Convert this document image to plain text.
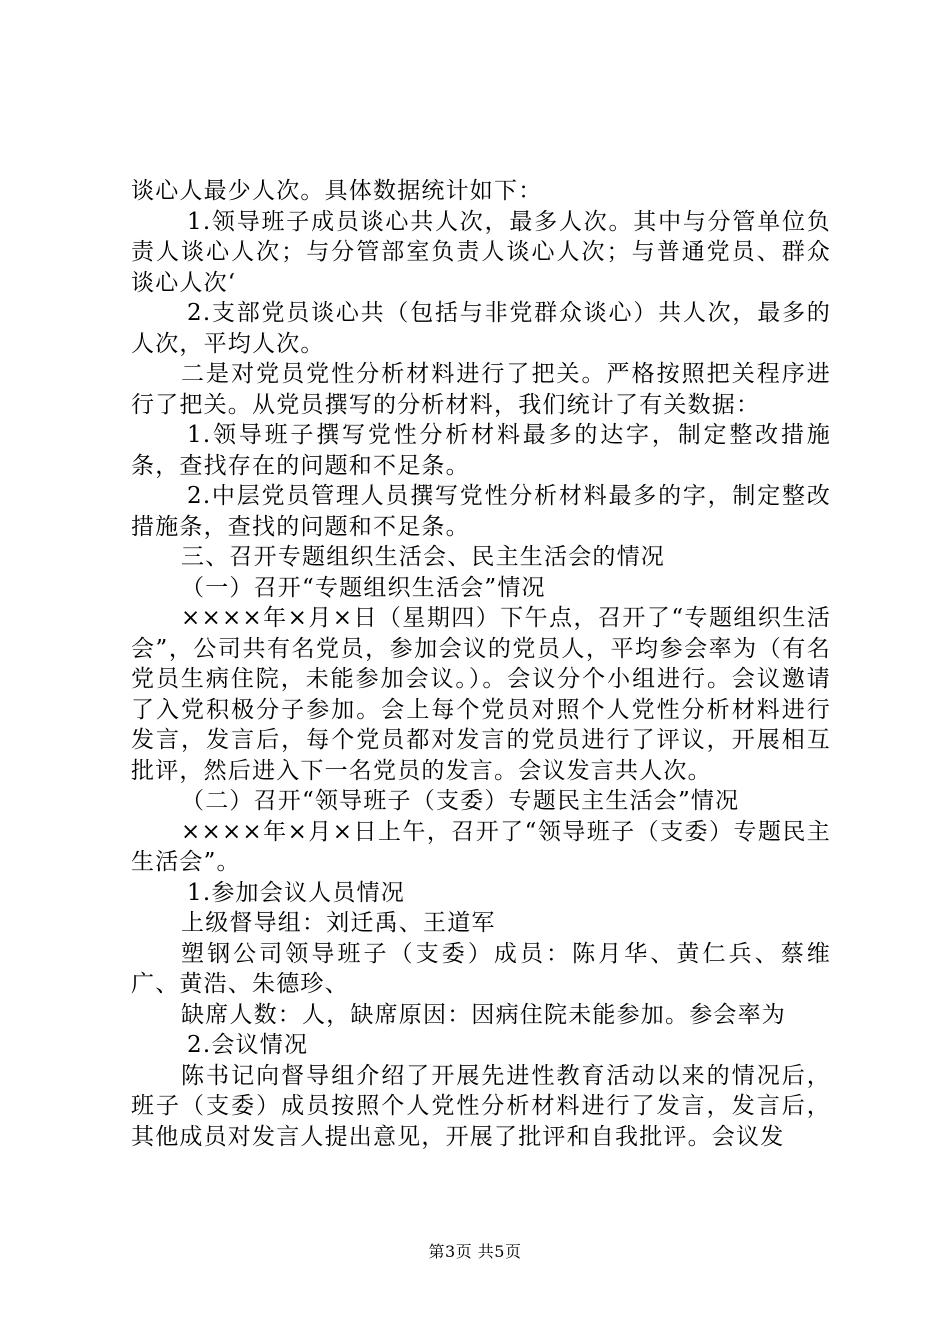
谈心人最少人次。具体数据统计如下：

1.领导班子成员谈心共人次，最多人次。其中与分管单位负责人谈心人次；与分管部室负责人谈心人次；与普通党员、群众谈心人次‘

2.支部党员谈心共（包括与非党群众谈心）共人次，最多的人次，平均人次。

二是对党员党性分析材料进行了把关。严格按照把关程序进行了把关。从党员撰写的分析材料，我们统计了有关数据：

1.领导班子撰写党性分析材料最多的达字，制定整改措施条，查找存在的问题和不足条。

2.中层党员管理人员撰写党性分析材料最多的字，制定整改措施条，查找的问题和不足条。

三、召开专题组织生活会、民主生活会的情况

（一）召开“专题组织生活会”情况

××××年×月×日（星期四）下午点，召开了“专题组织生活会”，公司共有名党员，参加会议的党员人，平均参会率为（有名党员生病住院，未能参加会议。）。会议分个小组进行。会议邀请了入党积极分子参加。会上每个党员对照个人党性分析材料进行发言，发言后，每个党员都对发言的党员进行了评议，开展相互批评，然后进入下一名党员的发言。会议发言共人次。

（二）召开“领导班子（支委）专题民主生活会”情况

××××年×月×日上午，召开了“领导班子（支委）专题民主生活会”。

1.参加会议人员情况

上级督导组：刘迁禹、王道军

塑钢公司领导班子（支委）成员：陈月华、黄仁兵、蔡维广、黄浩、朱德珍、

缺席人数：人，缺席原因：因病住院未能参加。参会率为

2.会议情况

陈书记向督导组介绍了开展先进性教育活动以来的情况后，班子（支委）成员按照个人党性分析材料进行了发言，发言后，其他成员对发言人提出意见，开展了批评和自我批评。会议发

第3页 共5页
